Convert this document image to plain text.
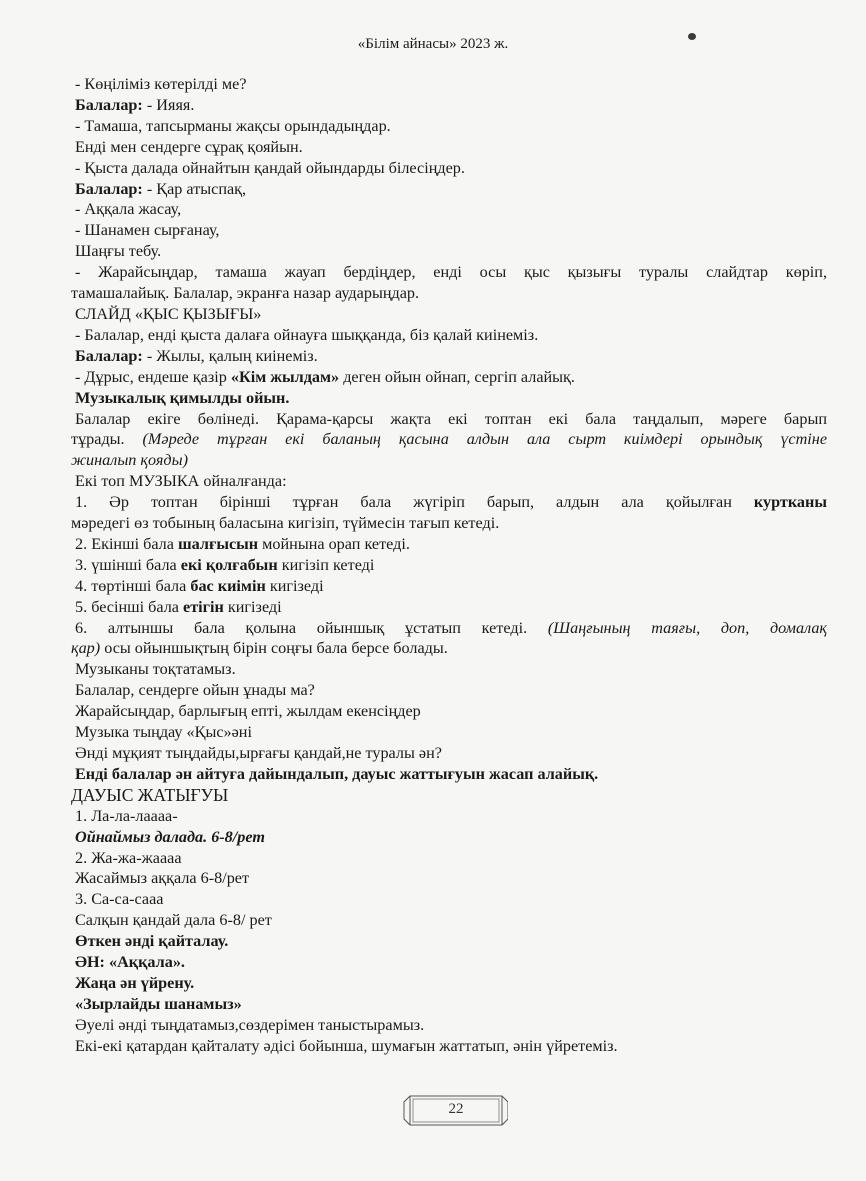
«Білім айнасы» 2023 ж.
- Көңіліміз көтерілді ме?
Балалар: - Ияяя.
- Тамаша, тапсырманы жақсы орындадыңдар.
Енді мен сендерге сұрақ қояйын.
- Қыста далада ойнайтын қандай ойындарды білесіңдер.
Балалар: - Қар атыспақ,
- Аққала жасау,
- Шанамен сырғанау,
Шаңғы тебу.
- Жарайсыңдар, тамаша жауап бердіңдер, енді осы қыс қызығы туралы слайдтар көріп,
тамашалайық. Балалар, экранға назар аударыңдар.
СЛАЙД «ҚЫС ҚЫЗЫҒЫ»
- Балалар, енді қыста далаға ойнауға шыққанда, біз қалай киінеміз.
Балалар: - Жылы, қалың киінеміз.
- Дұрыс, ендеше қазір «Кім жылдам» деген ойын ойнап, сергіп алайық.
Музыкалық қимылды ойын.
Балалар екіге бөлінеді. Қарама-қарсы жақта екі топтан екі бала таңдалып, мәреге барып
тұрады. (Мәреде тұрған екі баланың қасына алдын ала сырт киімдері орындық үстіне
жиналып қояды)
Екі топ МУЗЫКА ойналғанда:
1. Әр топтан бірінші тұрған бала жүгіріп барып, алдын ала қойылған куртканы
мәредегі өз тобының баласына кигізіп, түймесін тағып кетеді.
2. Екінші бала шалғысын мойнына орап кетеді.
3. үшінші бала екі қолғабын кигізіп кетеді
4. төртінші бала бас киімін кигізеді
5. бесінші бала етігін кигізеді
6. алтыншы бала қолына ойыншық ұстатып кетеді. (Шаңғының таяғы, доп, домалақ
қар) осы ойыншықтың бірін соңғы бала берсе болады.
Музыканы тоқтатамыз.
Балалар, сендерге ойын ұнады ма?
Жарайсыңдар, барлығың епті, жылдам екенсіңдер
Музыка тыңдау «Қыс»әні
Әнді мұқият тыңдайды,ырғағы қандай,не туралы ән?
Енді балалар ән айтуға дайындалып, дауыс жаттығуын жасап алайық.
ДАУЫС ЖАТЫҒУЫ
1. Ла-ла-лаааа-
Ойнаймыз далада. 6-8/рет
2. Жа-жа-жаааа
Жасаймыз аққала 6-8/рет
3. Са-са-саaa
Салқын қандай дала 6-8/ рет
Өткен әнді қайталау.
ӘН: «Аққала».
Жаңа ән үйрену.
«Зырлайды шанамыз»
Әуелі әнді тыңдатамыз,сөздерімен таныстырамыз.
Екі-екі қатардан қайталату әдісі бойынша, шумағын жаттатып, әнін үйретеміз.
22
